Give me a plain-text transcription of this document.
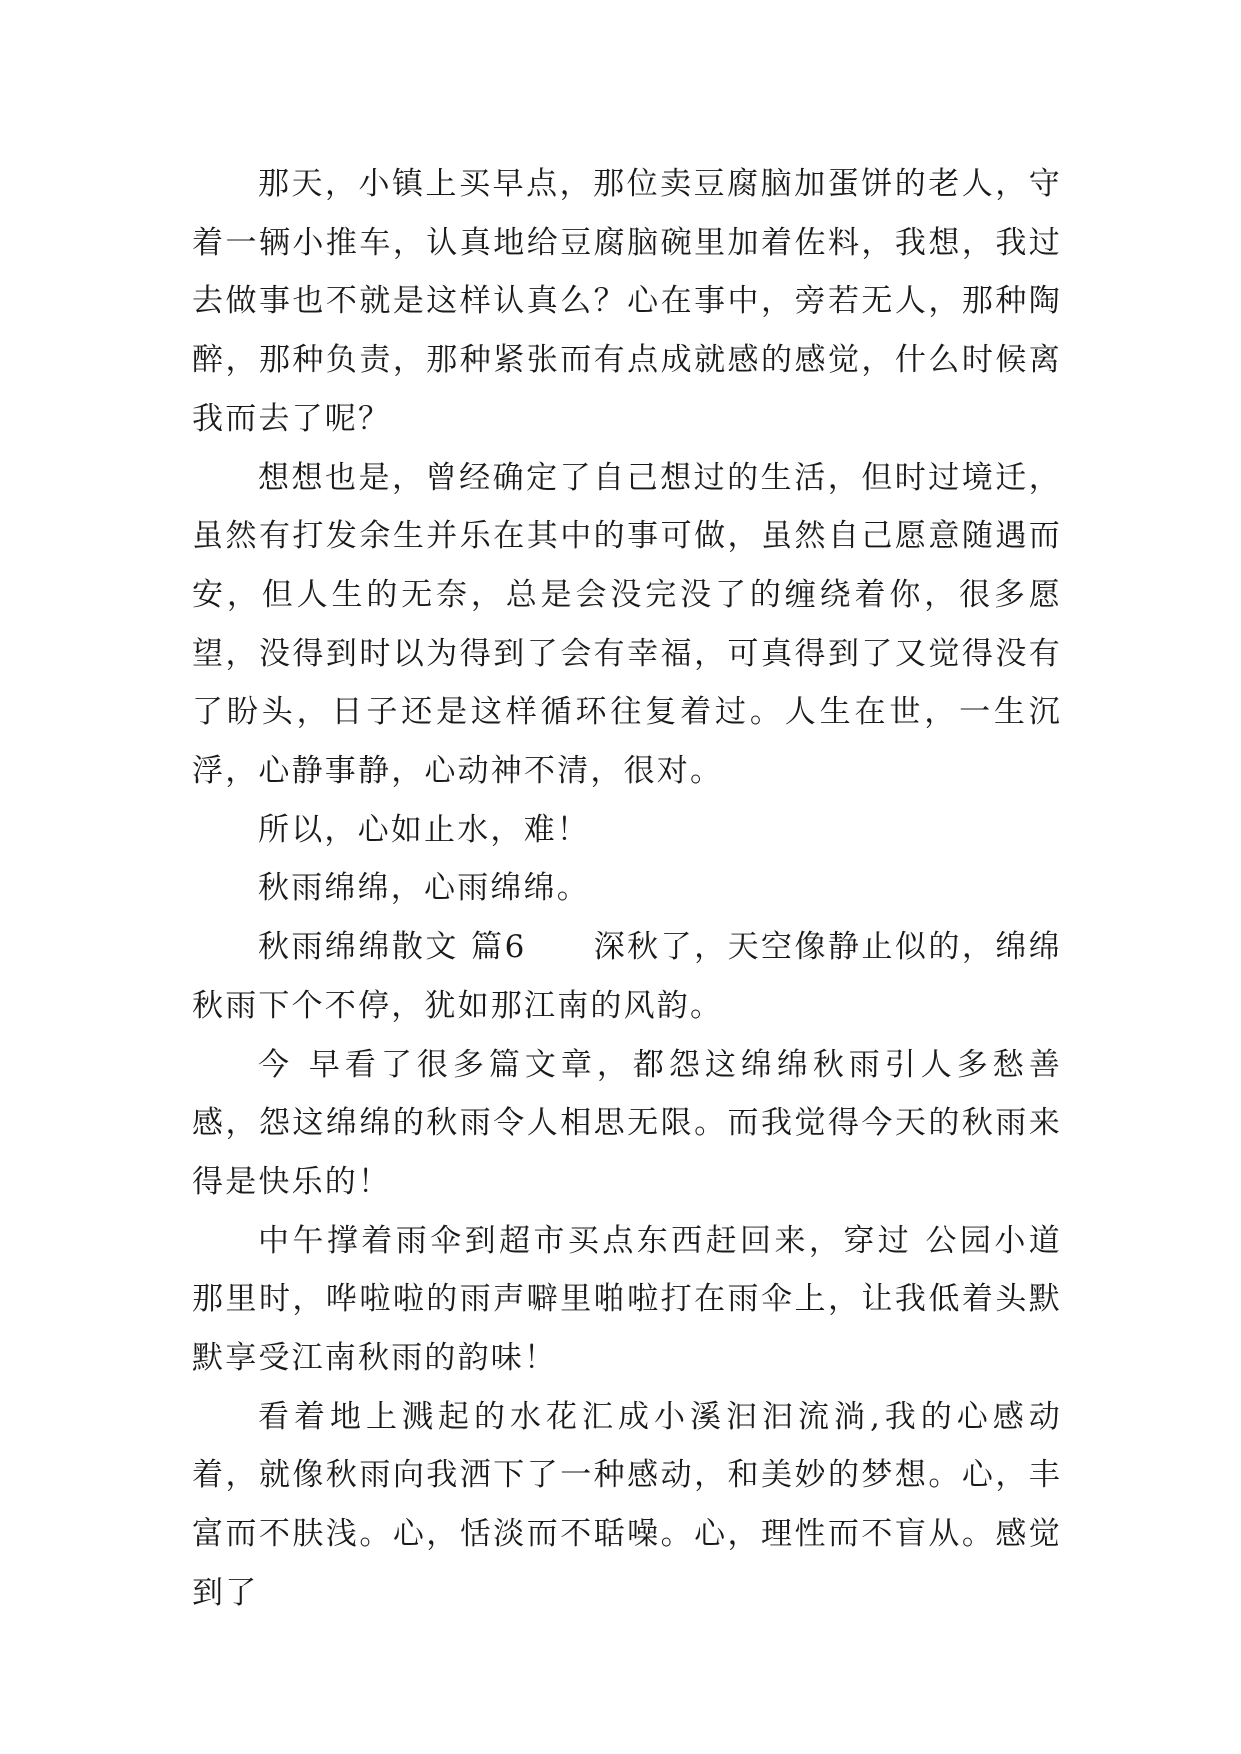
那天，小镇上买早点，那位卖豆腐脑加蛋饼的老人，守着一辆小推车，认真地给豆腐脑碗里加着佐料，我想，我过去做事也不就是这样认真么？心在事中，旁若无人，那种陶醉，那种负责，那种紧张而有点成就感的感觉，什么时候离我而去了呢？

想想也是，曾经确定了自己想过的生活，但时过境迁，虽然有打发余生并乐在其中的事可做，虽然自己愿意随遇而安，但人生的无奈，总是会没完没了的缠绕着你，很多愿望，没得到时以为得到了会有幸福，可真得到了又觉得没有了盼头，日子还是这样循环往复着过。人生在世，一生沉浮，心静事静，心动神不清，很对。

所以，心如止水，难！

秋雨绵绵，心雨绵绵。

秋雨绵绵散文 篇6　　深秋了，天空像静止似的，绵绵秋雨下个不停，犹如那江南的风韵。

今 早看了很多篇文章，都怨这绵绵秋雨引人多愁善感，怨这绵绵的秋雨令人相思无限。而我觉得今天的秋雨来得是快乐的！

中午撑着雨伞到超市买点东西赶回来，穿过 公园小道那里时，哗啦啦的雨声噼里啪啦打在雨伞上，让我低着头默默享受江南秋雨的韵味！

看着地上溅起的水花汇成小溪汩汩流淌,我的心感动着，就像秋雨向我洒下了一种感动，和美妙的梦想。心，丰富而不肤浅。心，恬淡而不聒噪。心，理性而不盲从。感觉到了
